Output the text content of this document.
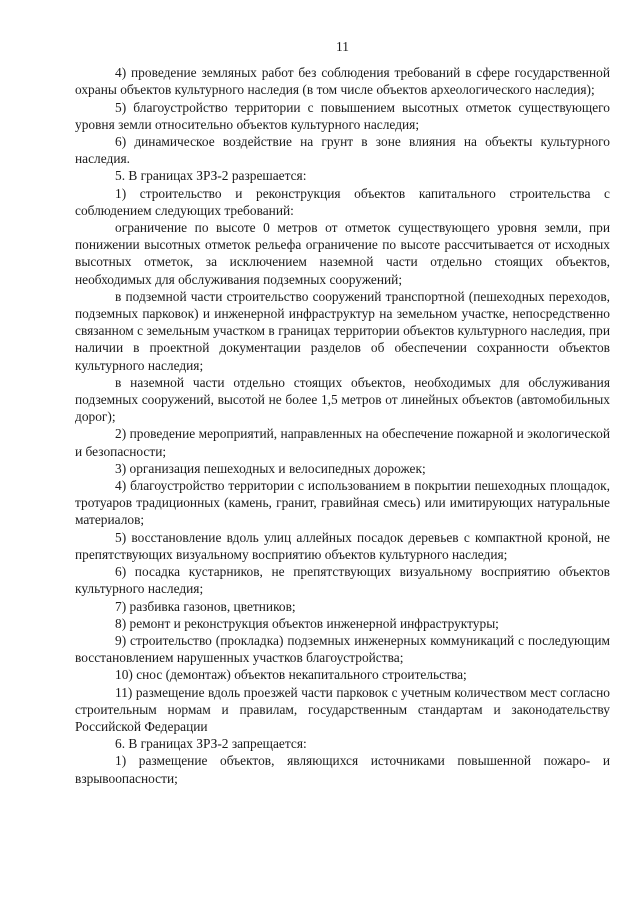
11

4) проведение земляных работ без соблюдения требований в сфере государственной охраны объектов культурного наследия (в том числе объектов археологического наследия);

5) благоустройство территории с повышением высотных отметок существующего уровня земли относительно объектов культурного наследия;

6) динамическое воздействие на грунт в зоне влияния на объекты культурного наследия.

5. В границах ЗРЗ-2 разрешается:

1) строительство и реконструкция объектов капитального строительства с соблюдением следующих требований:

ограничение по высоте 0 метров от отметок существующего уровня земли, при понижении высотных отметок рельефа ограничение по высоте рассчитывается от исходных высотных отметок, за исключением наземной части отдельно стоящих объектов, необходимых для обслуживания подземных сооружений;

в подземной части строительство сооружений транспортной (пешеходных переходов, подземных парковок) и инженерной инфраструктур на земельном участке, непосредственно связанном с земельным участком в границах территории объектов культурного наследия, при наличии в проектной документации разделов об обеспечении сохранности объектов культурного наследия;

в наземной части отдельно стоящих объектов, необходимых для обслуживания подземных сооружений, высотой не более 1,5 метров от линейных объектов (автомобильных дорог);

2) проведение мероприятий, направленных на обеспечение пожарной и экологической и безопасности;

3) организация пешеходных и велосипедных дорожек;

4) благоустройство территории с использованием в покрытии пешеходных площадок, тротуаров традиционных (камень, гранит, гравийная смесь) или имитирующих натуральные материалов;

5) восстановление вдоль улиц аллейных посадок деревьев с компактной кроной, не препятствующих визуальному восприятию объектов культурного наследия;

6) посадка кустарников, не препятствующих визуальному восприятию объектов культурного наследия;

7) разбивка газонов, цветников;

8) ремонт и реконструкция объектов инженерной инфраструктуры;

9) строительство (прокладка) подземных инженерных коммуникаций с последующим восстановлением нарушенных участков благоустройства;

10) снос (демонтаж) объектов некапитального строительства;

11) размещение вдоль проезжей части парковок с учетным количеством мест согласно строительным нормам и правилам, государственным стандартам и законодательству Российской Федерации

6. В границах ЗРЗ-2 запрещается:

1) размещение объектов, являющихся источниками повышенной пожаро- и взрывоопасности;
